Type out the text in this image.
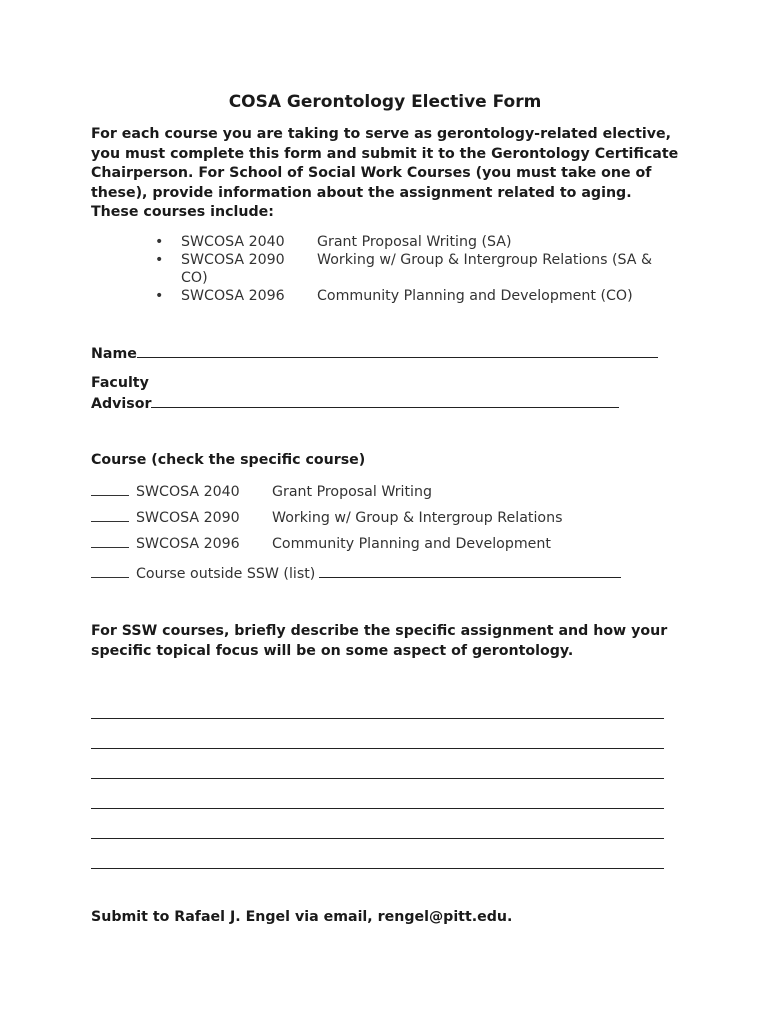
COSA Gerontology Elective Form
For each course you are taking to serve as gerontology-related elective, you must complete this form and submit it to the Gerontology Certificate Chairperson. For School of Social Work Courses (you must take one of these), provide information about the assignment related to aging. These courses include:
•	SWCOSA 2040	Grant Proposal Writing (SA)
•	SWCOSA 2090	Working w/ Group & Intergroup Relations (SA &
CO)
•	SWCOSA 2096	Community Planning and Development (CO)
Name
Faculty
Advisor
Course (check the specific course)
SWCOSA 2040	Grant Proposal Writing
SWCOSA 2090	Working w/ Group & Intergroup Relations
SWCOSA 2096	Community Planning and Development
Course outside SSW (list)
For SSW courses, briefly describe the specific assignment and how your specific topical focus will be on some aspect of gerontology.
Submit to Rafael J. Engel via email, rengel@pitt.edu.
